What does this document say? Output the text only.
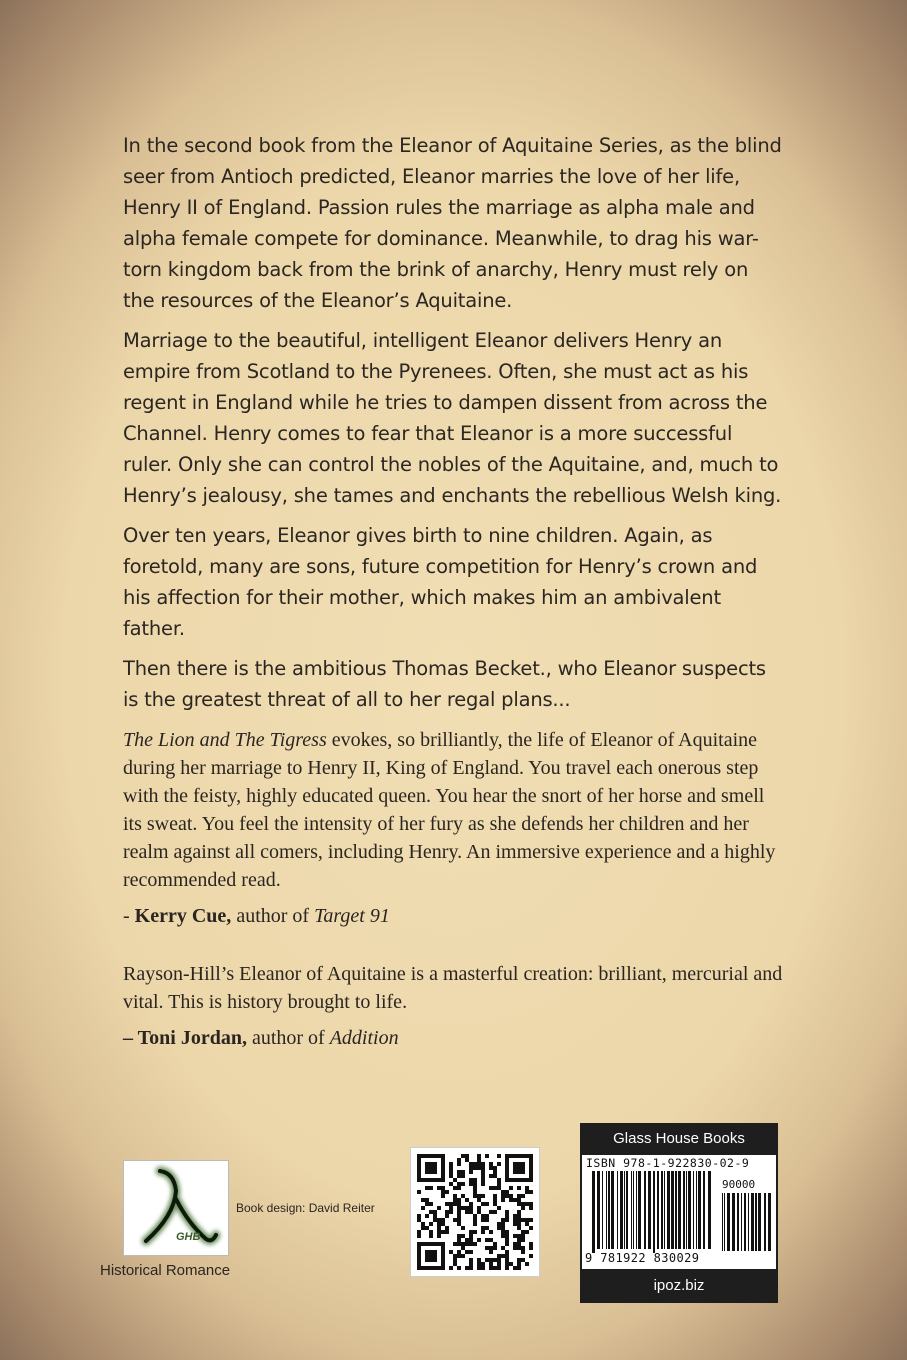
In the second book from the Eleanor of Aquitaine Series, as the blind seer from Antioch predicted, Eleanor marries the love of her life, Henry II of England. Passion rules the marriage as alpha male and alpha female compete for dominance. Meanwhile, to drag his war-torn kingdom back from the brink of anarchy, Henry must rely on the resources of the Eleanor’s Aquitaine.

Marriage to the beautiful, intelligent Eleanor delivers Henry an empire from Scotland to the Pyrenees. Often, she must act as his regent in England while he tries to dampen dissent from across the Channel. Henry comes to fear that Eleanor is a more successful ruler. Only she can control the nobles of the Aquitaine, and, much to Henry’s jealousy, she tames and enchants the rebellious Welsh king.

Over ten years, Eleanor gives birth to nine children. Again, as foretold, many are sons, future competition for Henry’s crown and his affection for their mother, which makes him an ambivalent father.

Then there is the ambitious Thomas Becket., who Eleanor suspects is the greatest threat of all to her regal plans...

The Lion and The Tigress evokes, so brilliantly, the life of Eleanor of Aquitaine during her marriage to Henry II, King of England. You travel each onerous step with the feisty, highly educated queen. You hear the snort of her horse and smell its sweat. You feel the intensity of her fury as she defends her children and her realm against all comers, including Henry. An immersive experience and a highly recommended read.

- Kerry Cue, author of Target 91

Rayson-Hill’s Eleanor of Aquitaine is a masterful creation: brilliant, mercurial and vital. This is history brought to life.

– Toni Jordan, author of Addition

GHB
Book design: David Reiter
Historical Romance
Glass House Books
ISBN 978-1-922830-02-9
90000
9 781922 830029
ipoz.biz
